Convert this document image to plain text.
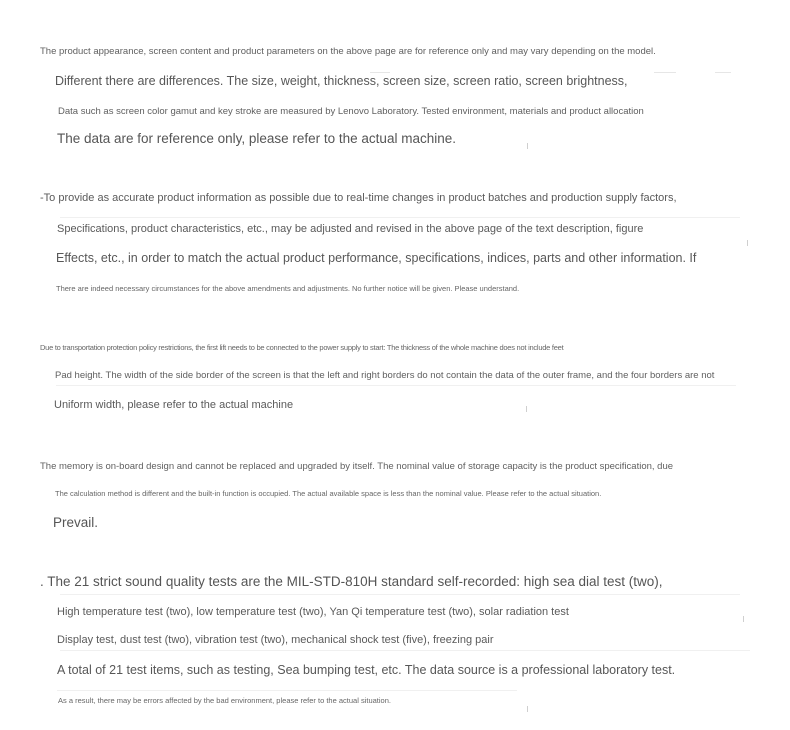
The product appearance, screen content and product parameters on the above page are for reference only and may vary depending on the model.
Different there are differences. The size, weight, thickness, screen size, screen ratio, screen brightness,
Data such as screen color gamut and key stroke are measured by Lenovo Laboratory. Tested environment, materials and product allocation
The data are for reference only, please refer to the actual machine.
-To provide as accurate product information as possible due to real-time changes in product batches and production supply factors,
Specifications, product characteristics, etc., may be adjusted and revised in the above page of the text description, figure
Effects, etc., in order to match the actual product performance, specifications, indices, parts and other information. If
There are indeed necessary circumstances for the above amendments and adjustments. No further notice will be given. Please understand.
Due to transportation protection policy restrictions, the first lift needs to be connected to the power supply to start: The thickness of the whole machine does not include feet
Pad height. The width of the side border of the screen is that the left and right borders do not contain the data of the outer frame, and the four borders are not
Uniform width, please refer to the actual machine
The memory is on-board design and cannot be replaced and upgraded by itself. The nominal value of storage capacity is the product specification, due
The calculation method is different and the built-in function is occupied. The actual available space is less than the nominal value. Please refer to the actual situation.
Prevail.
. The 21 strict sound quality tests are the MIL-STD-810H standard self-recorded: high sea dial test (two),
High temperature test (two), low temperature test (two), Yan Qi temperature test (two), solar radiation test
Display test, dust test (two), vibration test (two), mechanical shock test (five), freezing pair
A total of 21 test items, such as testing, Sea bumping test, etc. The data source is a professional laboratory test.
As a result, there may be errors affected by the bad environment, please refer to the actual situation.
